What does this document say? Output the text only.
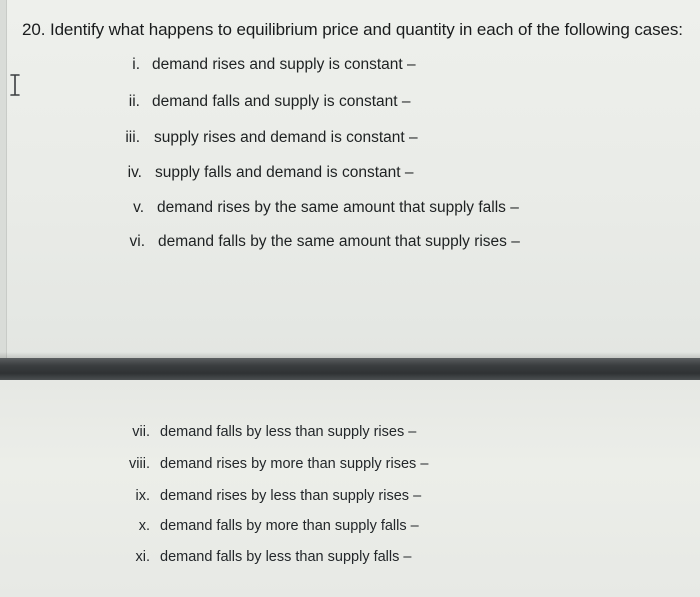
20. Identify what happens to equilibrium price and quantity in each of the following cases:
i. demand rises and supply is constant –
ii. demand falls and supply is constant –
iii. supply rises and demand is constant –
iv. supply falls and demand is constant –
v. demand rises by the same amount that supply falls –
vi. demand falls by the same amount that supply rises –
vii. demand falls by less than supply rises –
viii. demand rises by more than supply rises –
ix. demand rises by less than supply rises –
x. demand falls by more than supply falls –
xi. demand falls by less than supply falls –
